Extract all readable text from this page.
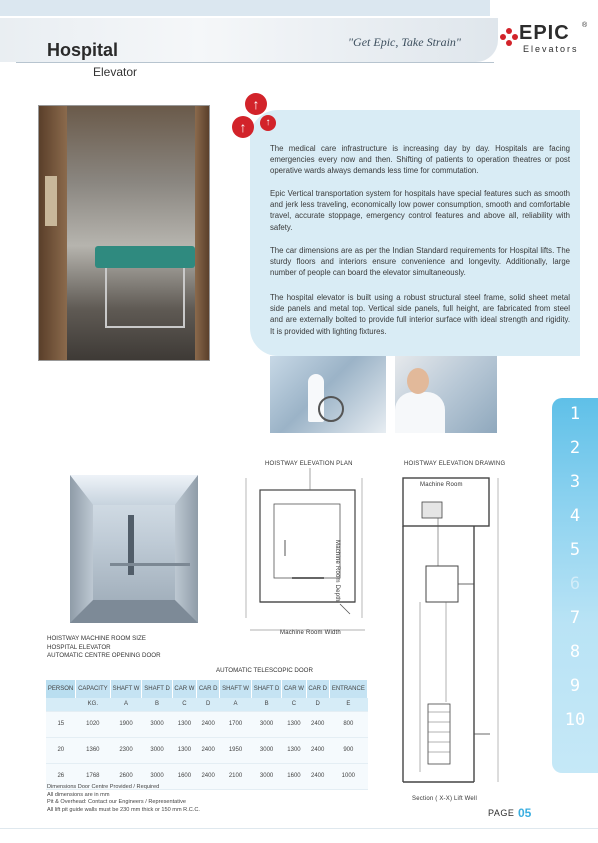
Hospital
Elevator
"Get Epic, Take Strain"	EPIC ®
Elevators
↑
↑	↑
The medical care infrastructure is increasing day by day. Hospitals are facing emergencies every now and then. Shifting of patients to operation theatres or post operative wards always demands less time for commutation.
Epic Vertical transportation system for hospitals have special features such as smooth and jerk less traveling, economically low power consumption, smooth and comfortable travel, accurate stoppage, emergency control features and above all, reliability with safety.
The car dimensions are as per the Indian Standard requirements for Hospital lifts. The sturdy floors and interiors ensure convenience and longevity. Additionally, large number of people can board the elevator simultaneously.
The hospital elevator is built using a robust structural steel frame, solid sheet metal side panels and metal top. Vertical side panels, full height, are fabricated from steel and are externally bolted to provide full interior surface with ideal strength and rigidity. It is provided with lighting fixtures.
HOISTWAY ELEVATION PLAN
Machine Room Width
Machine Room Depth
HOISTWAY ELEVATION DRAWING
Machine Room
Section ( X-X) Lift Well
HOISTWAY MACHINE ROOM SIZE
HOSPITAL ELEVATOR
AUTOMATIC CENTRE OPENING DOOR
AUTOMATIC TELESCOPIC DOOR
PERSON	CAPACITY	SHAFT W	SHAFT D	CAR W	CAR D	SHAFT W	SHAFT D	CAR W	CAR D	ENTRANCE
	KG.	A	B	C	D	A	B	C	D	E
15	1020	1900	3000	1300	2400	1700	3000	1300	2400	800
20	1360	2300	3000	1300	2400	1950	3000	1300	2400	900
26	1768	2600	3000	1600	2400	2100	3000	1600	2400	1000
Dimensions Door Centre Provided / Required
All dimensions are in mm
Pit & Overhead: Contact our Engineers / Representative
All lift pit guide walls must be 230 mm thick or 150 mm R.C.C.
1
2
3
4
5
6
7
8
9
10
PAGE 05
